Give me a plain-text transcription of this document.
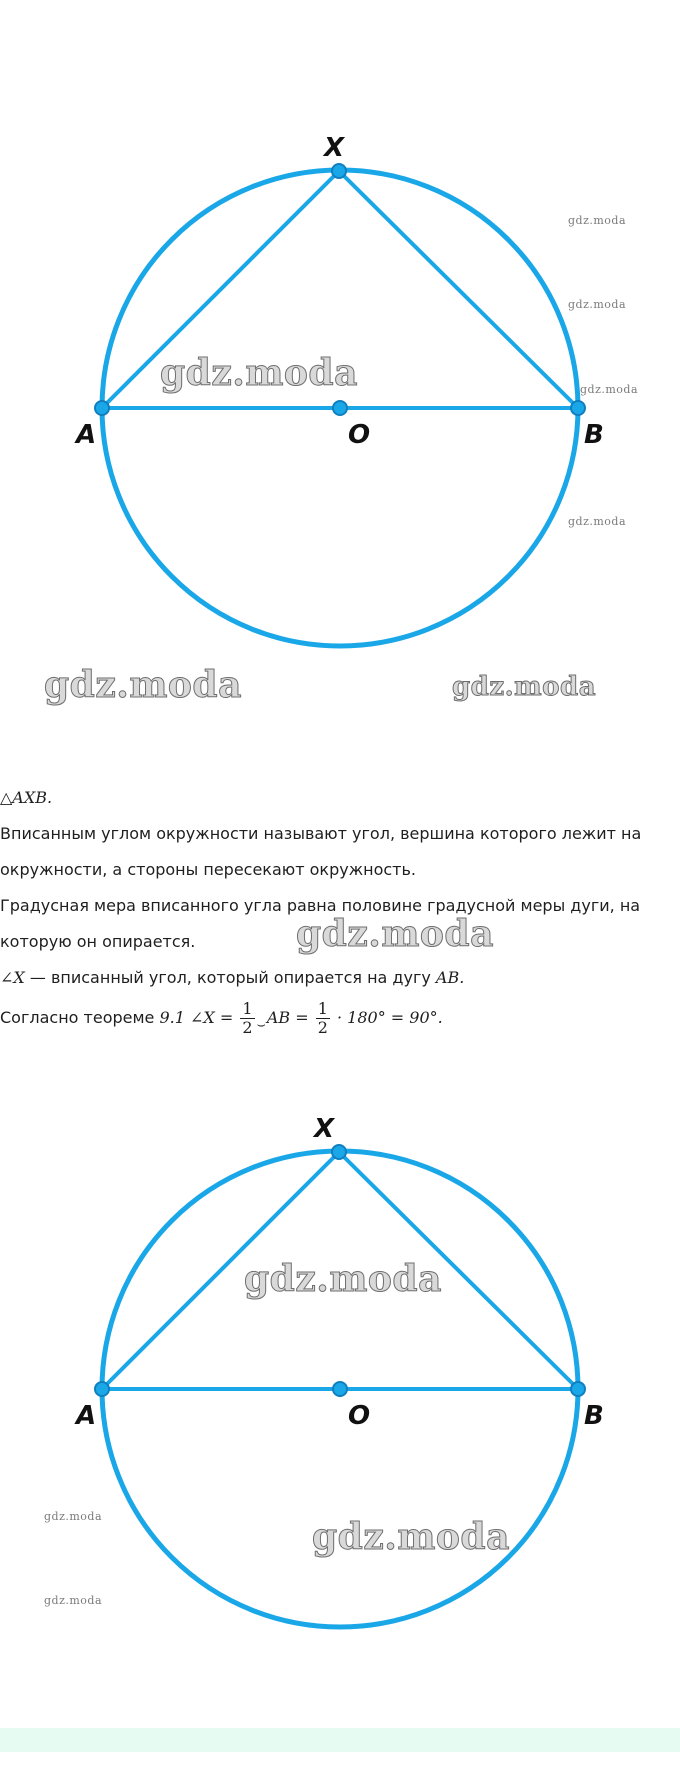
X
A	O	B
gdz.moda
gdz.moda	gdz.moda
gdz.moda
gdz.moda
gdz.moda
gdz.moda
△AXB.
Вписанным углом окружности называют угол, вершина которого лежит на
окружности, а стороны пересекают окружность.
Градусная мера вписанного угла равна половине градусной меры дуги, на
которую он опирается.
∠X — вписанный угол, который опирается на дугу AB.
Согласно теореме 9.1 ∠X = $\frac{1}{2}$ ⌣AB = $\frac{1}{2} \cdot 180^\circ = 90^\circ$.
gdz.moda
X
A	O	B
gdz.moda
gdz.moda
gdz.moda
gdz.moda
